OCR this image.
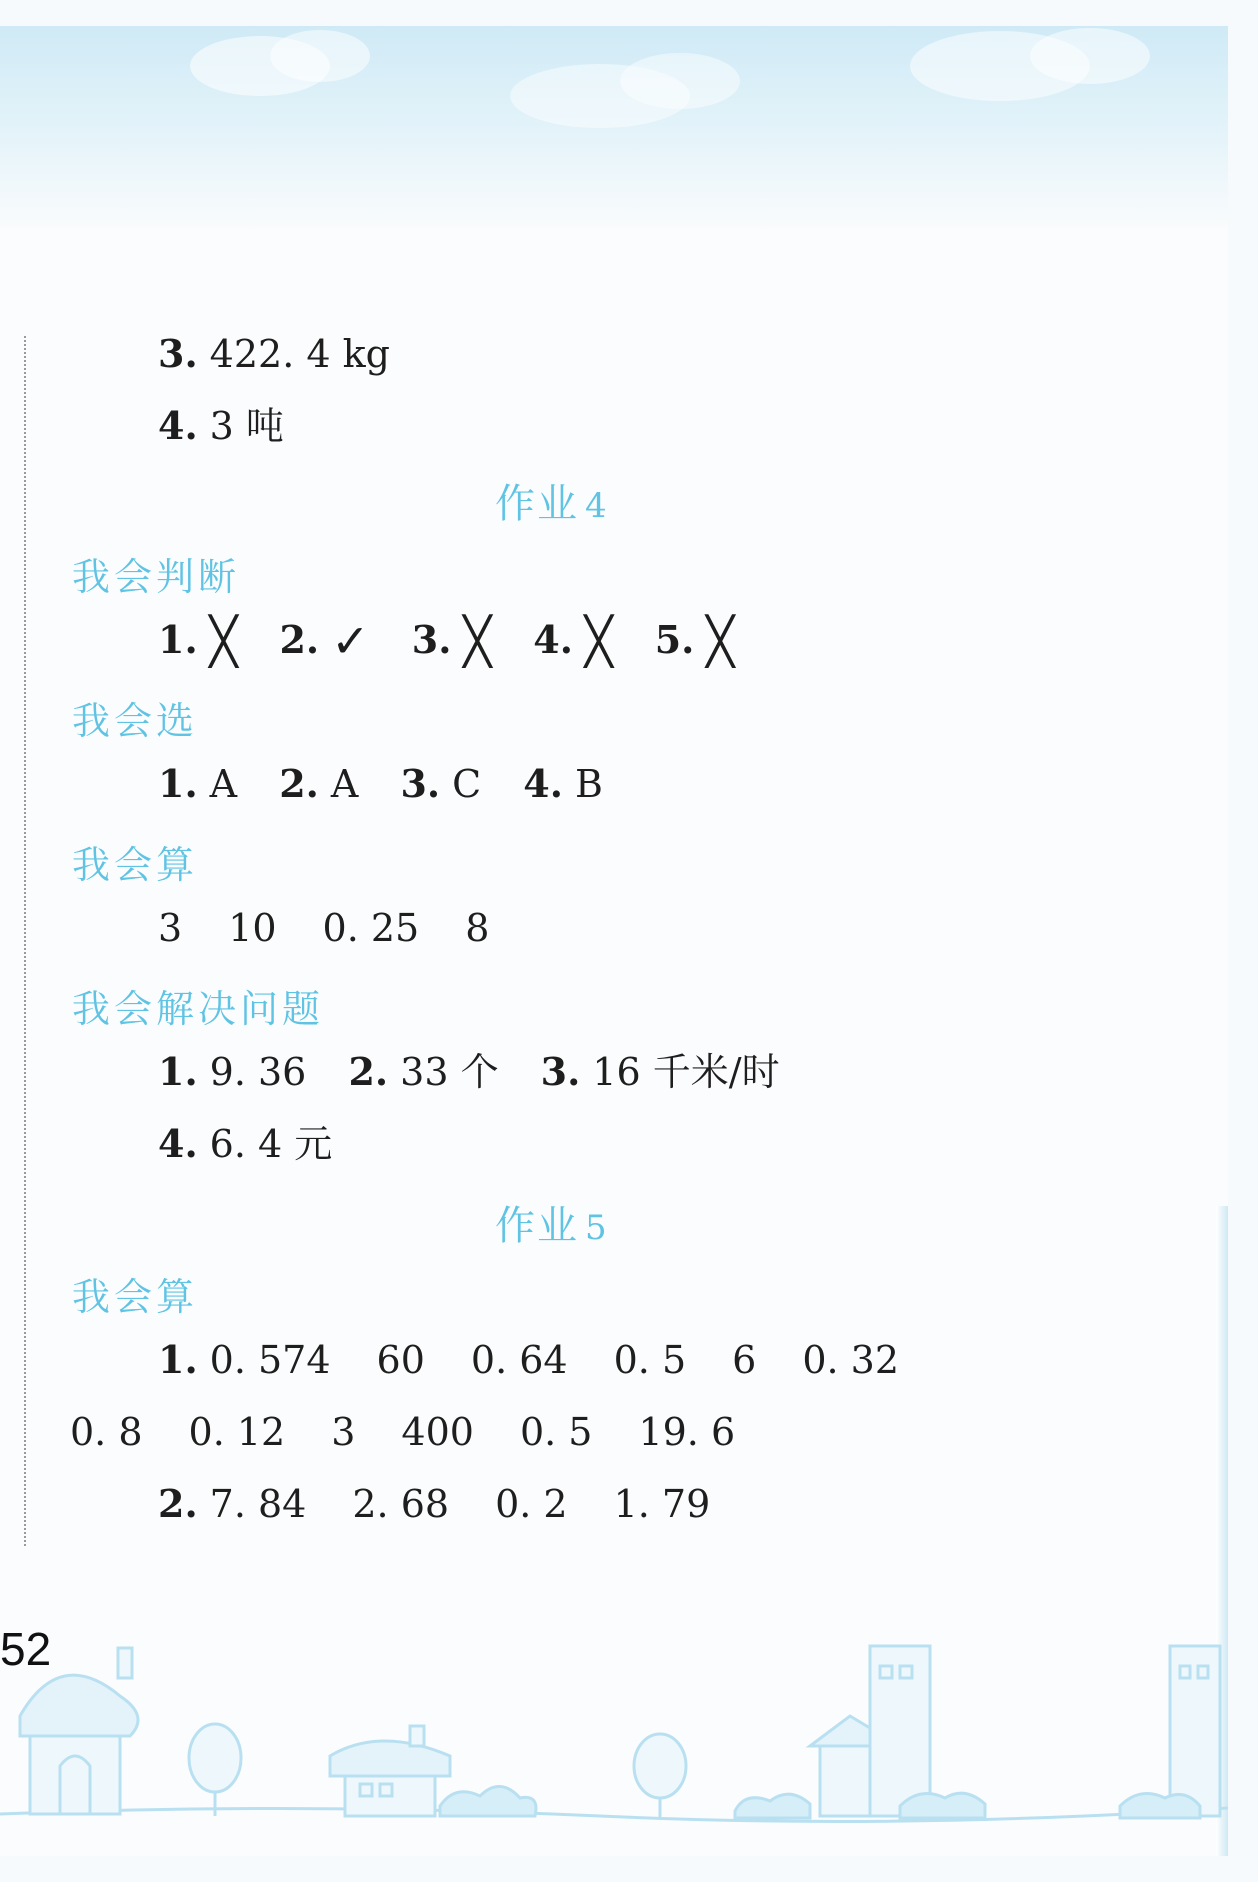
3. 422. 4 kg
4. 3 吨
作业 4
我会判断
1. ╳ 2. ✓ 3. ╳ 4. ╳ 5. ╳
我会选
1. A 2. A 3. C 4. B
我会算
3 10 0. 25 8
我会解决问题
1. 9. 36 2. 33 个 3. 16 千米/时
4. 6. 4 元
作业 5
我会算
1. 0. 574 60 0. 64 0. 5 6 0. 32
0. 8 0. 12 3 400 0. 5 19. 6
2. 7. 84 2. 68 0. 2 1. 79
52
